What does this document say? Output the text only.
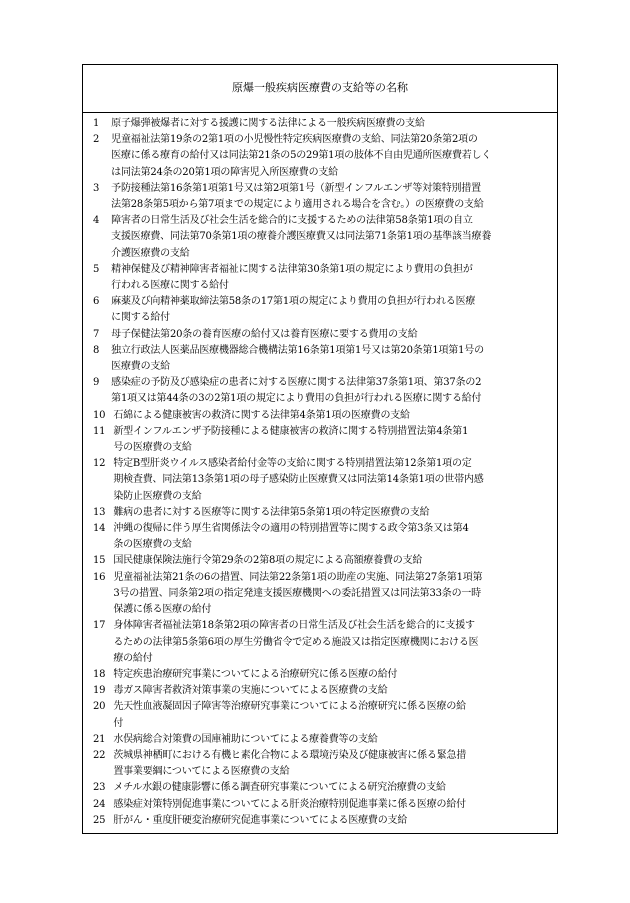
原爆一般疾病医療費の支給等の名称
1 原子爆弾被爆者に対する援護に関する法律による一般疾病医療費の支給
2 児童福祉法第19条の2第1項の小児慢性特定疾病医療費の支給、同法第20条第2項の
医療に係る療育の給付又は同法第21条の5の29第1項の肢体不自由児通所医療費若しく
は同法第24条の20第1項の障害児入所医療費の支給
3 予防接種法第16条第1項第1号又は第2項第1号（新型インフルエンザ等対策特別措置
法第28条第5項から第7項までの規定により適用される場合を含む。）の医療費の支給
4 障害者の日常生活及び社会生活を総合的に支援するための法律第58条第1項の自立
支援医療費、同法第70条第1項の療養介護医療費又は同法第71条第1項の基準該当療養
介護医療費の支給
5 精神保健及び精神障害者福祉に関する法律第30条第1項の規定により費用の負担が
行われる医療に関する給付
6 麻薬及び向精神薬取締法第58条の17第1項の規定により費用の負担が行われる医療
に関する給付
7 母子保健法第20条の養育医療の給付又は養育医療に要する費用の支給
8 独立行政法人医薬品医療機器総合機構法第16条第1項第1号又は第20条第1項第1号の
医療費の支給
9 感染症の予防及び感染症の患者に対する医療に関する法律第37条第1項、第37条の2
第1項又は第44条の3の2第1項の規定により費用の負担が行われる医療に関する給付
10 石綿による健康被害の救済に関する法律第4条第1項の医療費の支給
11 新型インフルエンザ予防接種による健康被害の救済に関する特別措置法第4条第1
号の医療費の支給
12 特定B型肝炎ウイルス感染者給付金等の支給に関する特別措置法第12条第1項の定
期検査費、同法第13条第1項の母子感染防止医療費又は同法第14条第1項の世帯内感
染防止医療費の支給
13 難病の患者に対する医療等に関する法律第5条第1項の特定医療費の支給
14 沖縄の復帰に伴う厚生省関係法令の適用の特別措置等に関する政令第3条又は第4
条の医療費の支給
15 国民健康保険法施行令第29条の2第8項の規定による高額療養費の支給
16 児童福祉法第21条の6の措置、同法第22条第1項の助産の実施、同法第27条第1項第
3号の措置、同条第2項の指定発達支援医療機関への委託措置又は同法第33条の一時
保護に係る医療の給付
17 身体障害者福祉法第18条第2項の障害者の日常生活及び社会生活を総合的に支援す
るための法律第5条第6項の厚生労働省令で定める施設又は指定医療機関における医
療の給付
18 特定疾患治療研究事業についてによる治療研究に係る医療の給付
19 毒ガス障害者救済対策事業の実施についてによる医療費の支給
20 先天性血液凝固因子障害等治療研究事業についてによる治療研究に係る医療の給
付
21 水俣病総合対策費の国庫補助についてによる療養費等の支給
22 茨城県神栖町における有機ヒ素化合物による環境汚染及び健康被害に係る緊急措
置事業要綱についてによる医療費の支給
23 メチル水銀の健康影響に係る調査研究事業についてによる研究治療費の支給
24 感染症対策特別促進事業についてによる肝炎治療特別促進事業に係る医療の給付
25 肝がん・重度肝硬変治療研究促進事業についてによる医療費の支給
